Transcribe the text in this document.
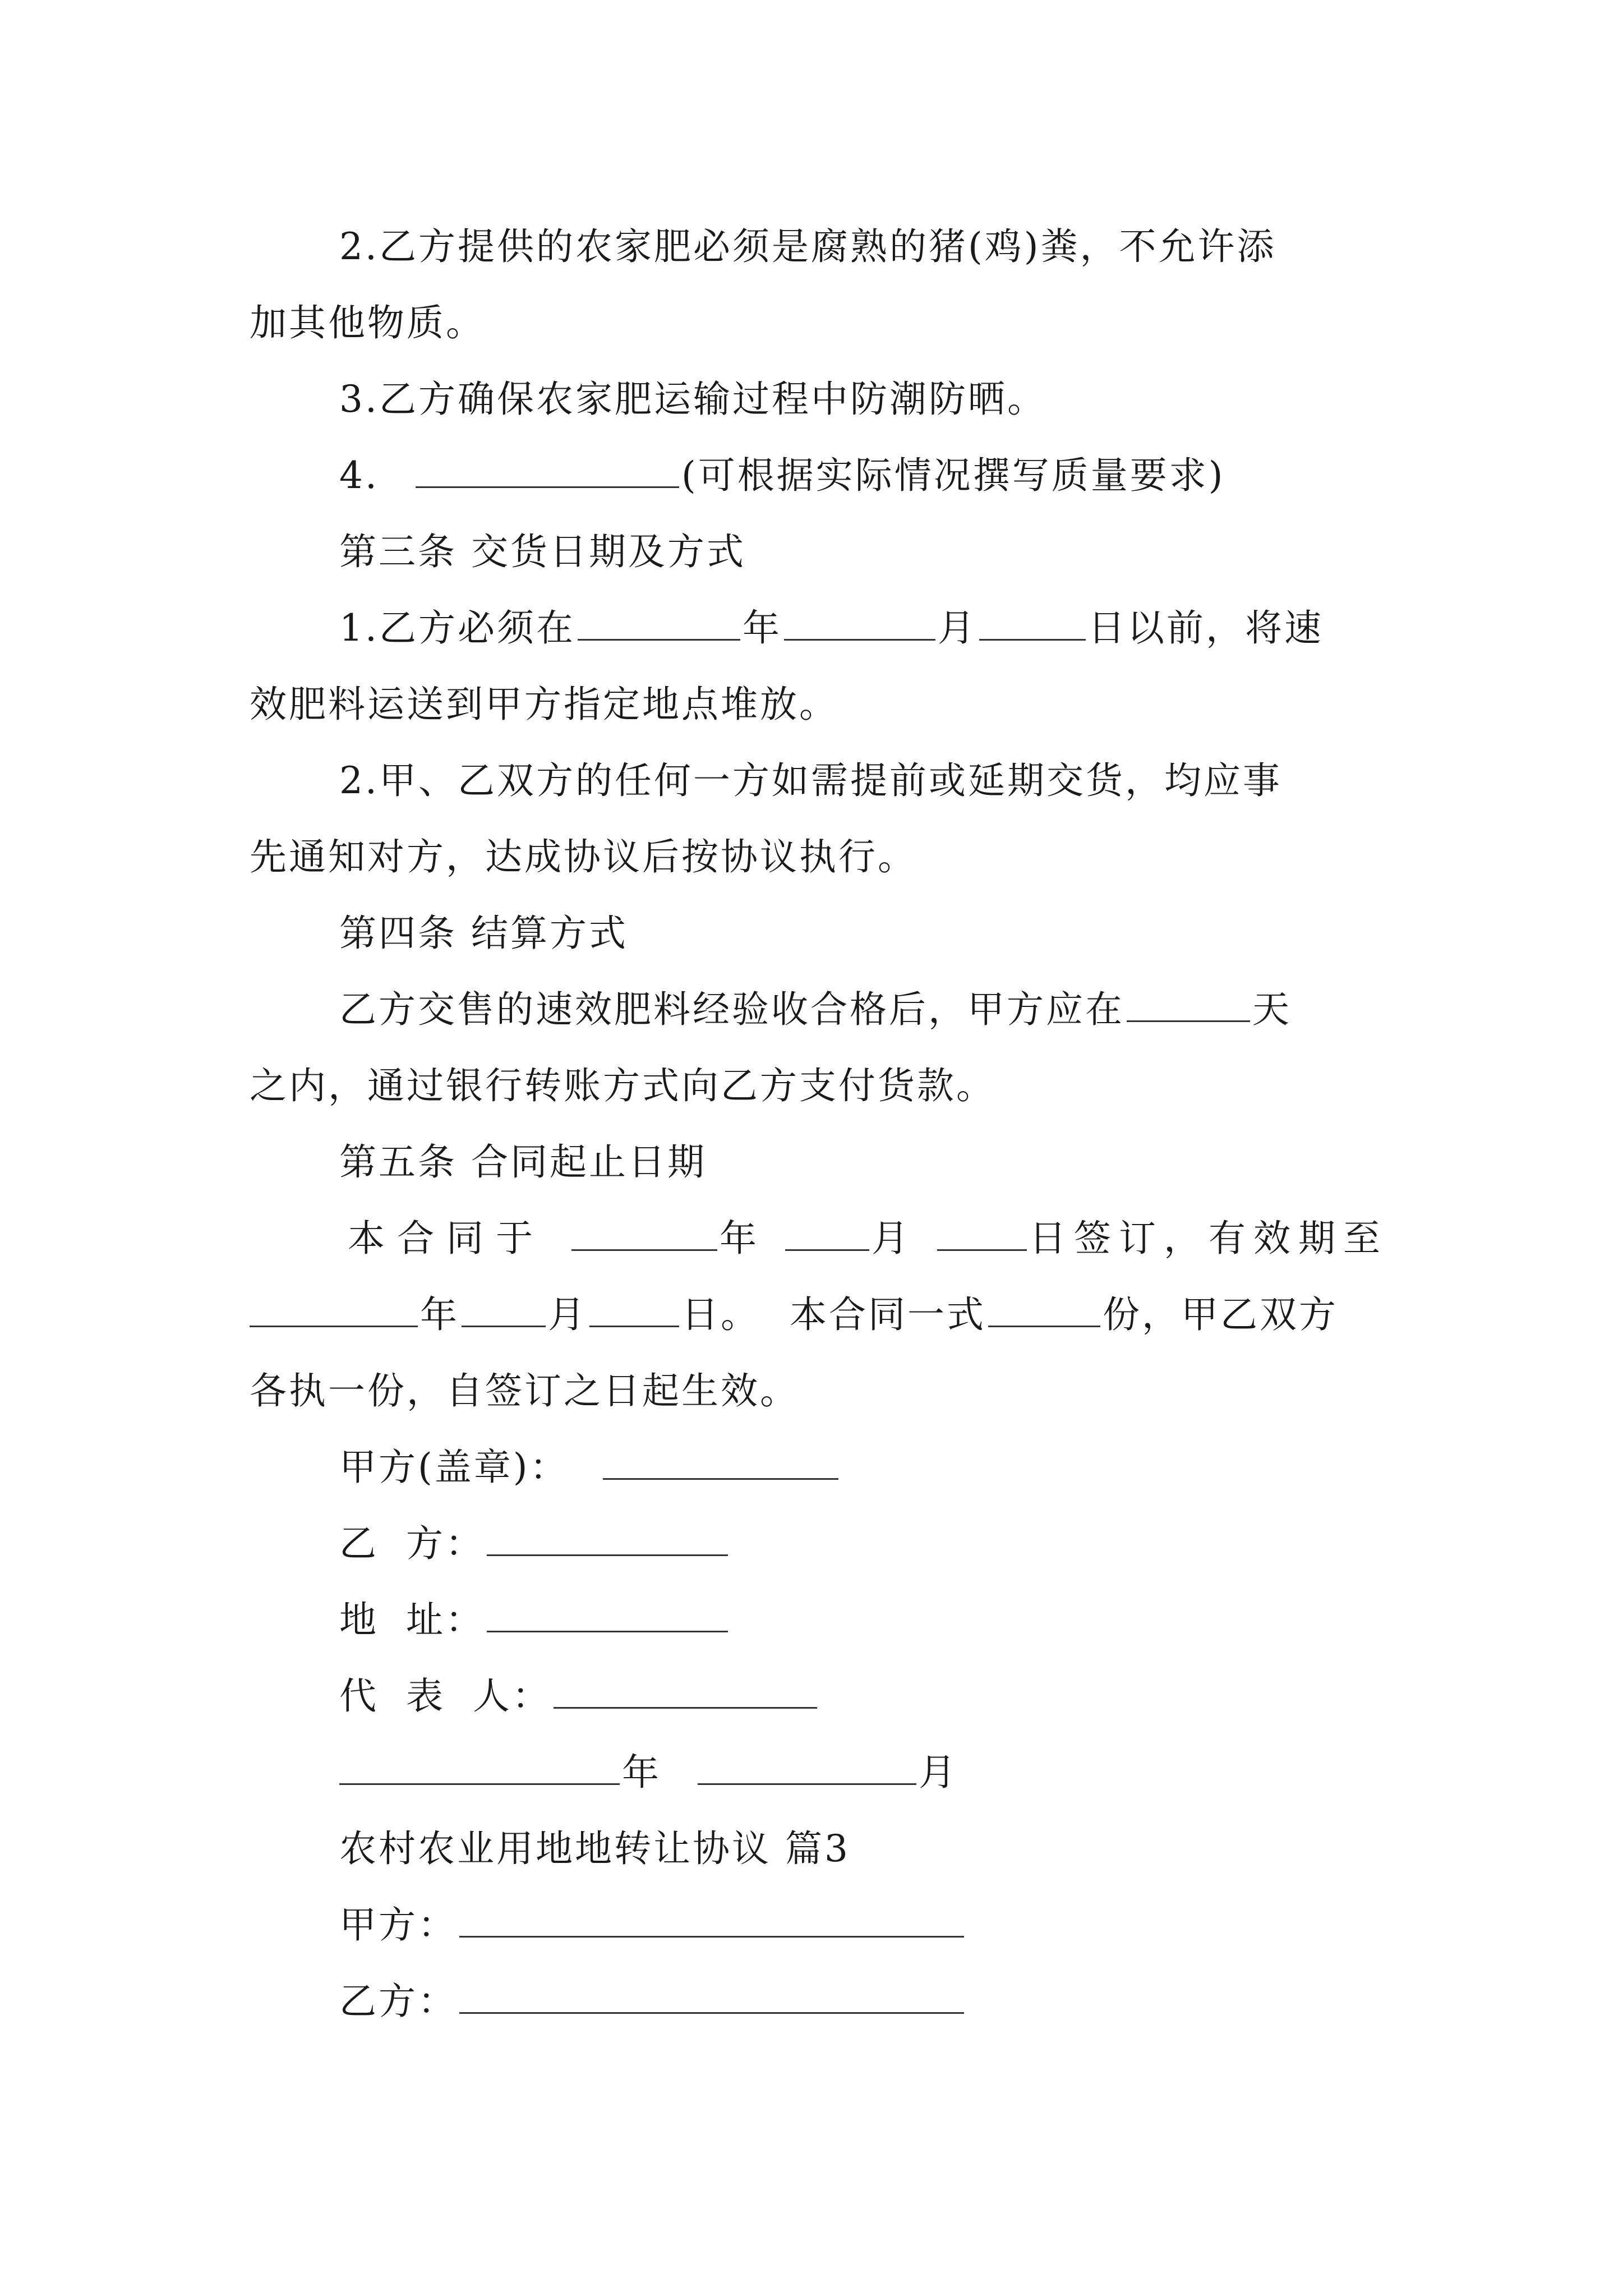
2.乙方提供的农家肥必须是腐熟的猪(鸡)粪，不允许添
加其他物质。
3.乙方确保农家肥运输过程中防潮防晒。
4.	(可根据实际情况撰写质量要求)
第三条 交货日期及方式
1.乙方必须在	年	月	日以前，将速
效肥料运送到甲方指定地点堆放。
2.甲、乙双方的任何一方如需提前或延期交货，均应事
先通知对方，达成协议后按协议执行。
第四条 结算方式
乙方交售的速效肥料经验收合格后，甲方应在	天
之内，通过银行转账方式向乙方支付货款。
第五条 合同起止日期
本合同于	年	月	日签订，有效期至
年 月	日。 本合同一式	份，甲乙双方
各执一份，自签订之日起生效。
甲方(盖章)：
乙 方：
地 址：
代 表 人：
年	月
农村农业用地地转让协议 篇3
甲方：
乙方：
